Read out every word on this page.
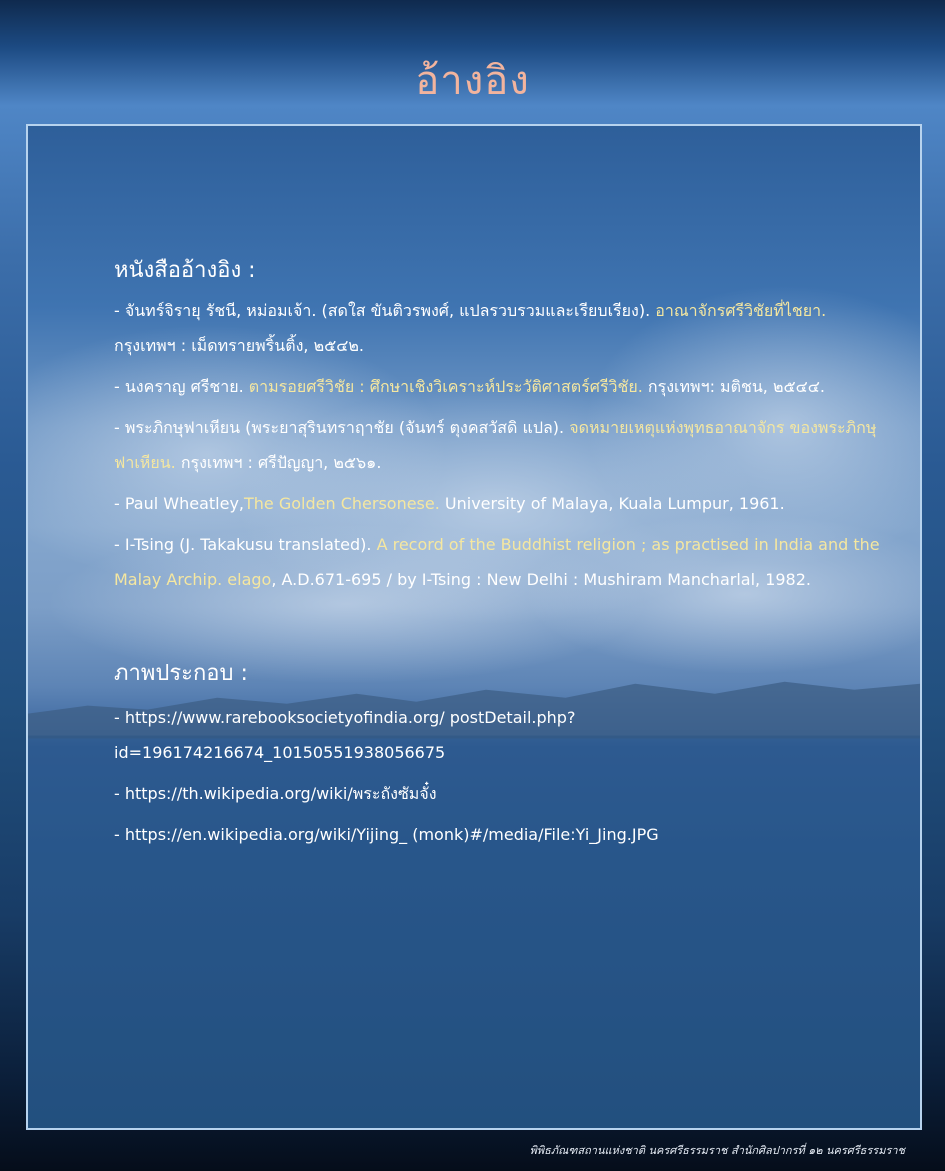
อ้างอิง
หนังสืออ้างอิง :
- จันทร์จิรายุ รัชนี, หม่อมเจ้า. (สดใส ขันติวรพงศ์, แปลรวบรวมและเรียบเรียง). อาณาจักรศรีวิชัยที่ไชยา. กรุงเทพฯ : เม็ดทรายพริ้นติ้ง, ๒๕๔๒.
- นงคราญ ศรีชาย. ตามรอยศรีวิชัย : ศึกษาเชิงวิเคราะห์ประวัติศาสตร์ศรีวิชัย. กรุงเทพฯ: มติชน, ๒๕๔๔.
- พระภิกษุฟาเหียน (พระยาสุรินทราฤาชัย (จันทร์ ตุงคสวัสดิ แปล). จดหมายเหตุแห่งพุทธอาณาจักร ของพระภิกษุฟาเหียน. กรุงเทพฯ : ศรีปัญญา, ๒๕๖๑.
- Paul Wheatley,The Golden Chersonese. University of Malaya, Kuala Lumpur, 1961.
- I-Tsing (J. Takakusu translated). A record of the Buddhist religion ; as practised in India and the Malay Archip. elago, A.D.671-695 / by I-Tsing : New Delhi : Mushiram Mancharlal, 1982.
ภาพประกอบ :
- https://www.rarebooksocietyofindia.org/ postDetail.php?id=196174216674_10150551938056675
- https://th.wikipedia.org/wiki/พระถังซัมจั๋ง
- https://en.wikipedia.org/wiki/Yijing_ (monk)#/media/File:Yi_Jing.JPG
พิพิธภัณฑสถานแห่งชาติ นครศรีธรรมราช สำนักศิลปากรที่ ๑๒ นครศรีธรรมราช
